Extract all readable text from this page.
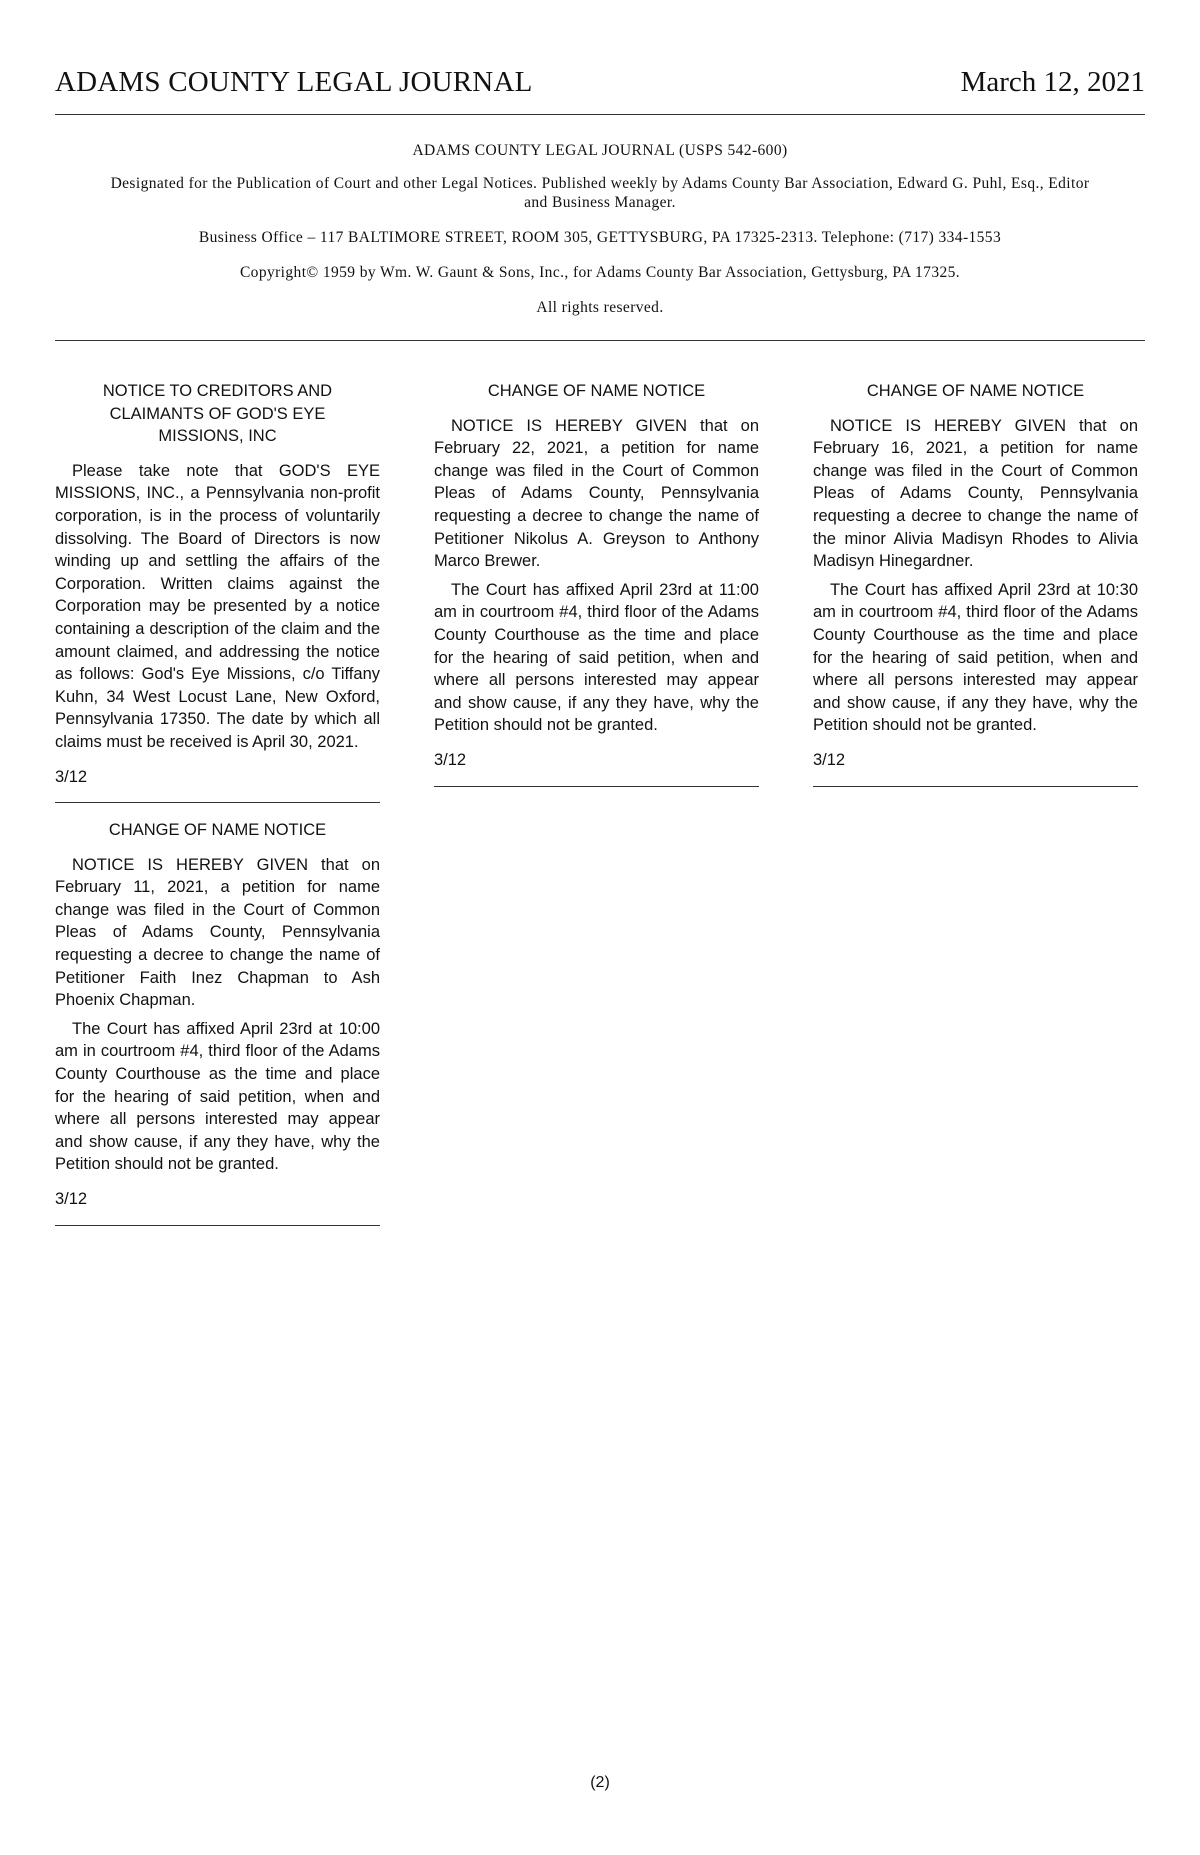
ADAMS COUNTY LEGAL JOURNAL	March 12, 2021

ADAMS COUNTY LEGAL JOURNAL (USPS 542-600)

Designated for the Publication of Court and other Legal Notices. Published weekly by Adams County Bar Association, Edward G. Puhl, Esq., Editor and Business Manager.

Business Office – 117 BALTIMORE STREET, ROOM 305, GETTYSBURG, PA 17325-2313. Telephone: (717) 334-1553

Copyright© 1959 by Wm. W. Gaunt & Sons, Inc., for Adams County Bar Association, Gettysburg, PA 17325.

All rights reserved.

NOTICE TO CREDITORS AND CLAIMANTS OF GOD'S EYE MISSIONS, INC

Please take note that GOD'S EYE MISSIONS, INC., a Pennsylvania non-profit corporation, is in the process of voluntarily dissolving. The Board of Directors is now winding up and settling the affairs of the Corporation. Written claims against the Corporation may be presented by a notice containing a description of the claim and the amount claimed, and addressing the notice as follows: God's Eye Missions, c/o Tiffany Kuhn, 34 West Locust Lane, New Oxford, Pennsylvania 17350. The date by which all claims must be received is April 30, 2021.

3/12
CHANGE OF NAME NOTICE

NOTICE IS HEREBY GIVEN that on February 11, 2021, a petition for name change was filed in the Court of Common Pleas of Adams County, Pennsylvania requesting a decree to change the name of Petitioner Faith Inez Chapman to Ash Phoenix Chapman.

The Court has affixed April 23rd at 10:00 am in courtroom #4, third floor of the Adams County Courthouse as the time and place for the hearing of said petition, when and where all persons interested may appear and show cause, if any they have, why the Petition should not be granted.

3/12
CHANGE OF NAME NOTICE

NOTICE IS HEREBY GIVEN that on February 22, 2021, a petition for name change was filed in the Court of Common Pleas of Adams County, Pennsylvania requesting a decree to change the name of Petitioner Nikolus A. Greyson to Anthony Marco Brewer.

The Court has affixed April 23rd at 11:00 am in courtroom #4, third floor of the Adams County Courthouse as the time and place for the hearing of said petition, when and where all persons interested may appear and show cause, if any they have, why the Petition should not be granted.

3/12
CHANGE OF NAME NOTICE

NOTICE IS HEREBY GIVEN that on February 16, 2021, a petition for name change was filed in the Court of Common Pleas of Adams County, Pennsylvania requesting a decree to change the name of the minor Alivia Madisyn Rhodes to Alivia Madisyn Hinegardner.

The Court has affixed April 23rd at 10:30 am in courtroom #4, third floor of the Adams County Courthouse as the time and place for the hearing of said petition, when and where all persons interested may appear and show cause, if any they have, why the Petition should not be granted.

3/12
(2)
